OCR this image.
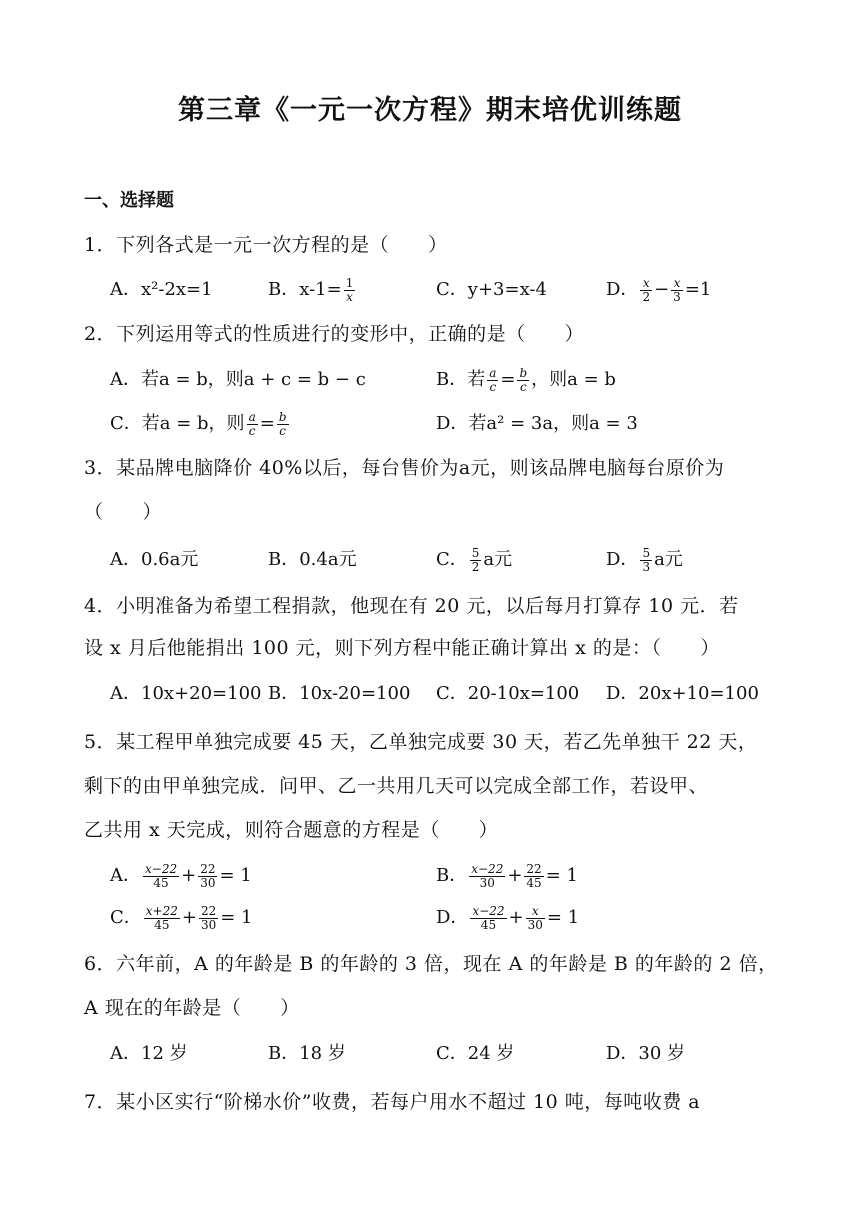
第三章《一元一次方程》期末培优训练题
一、选择题
1．下列各式是一元一次方程的是（　　）
A．x²-2x=1	B．$x-1= \frac{1}{x}$	C．y+3=x-4	D． $\frac{x}{2} - \frac{x}{3} =1$
2．下列运用等式的性质进行的变形中，正确的是（　　）
A．若a = b，则a + c = b − c	B．若 $\frac{a}{c} = \frac{b}{c}$ ，则a = b
C．若a = b，则 $\frac{a}{c} = \frac{b}{c}$	D．若a² = 3a，则a = 3
3．某品牌电脑降价 40%以后，每台售价为a元，则该品牌电脑每台原价为
（　　）
A．0.6a元	B．0.4a元	C． $\frac{5}{2}$ a元	D． $\frac{5}{3}$ a元
4．小明准备为希望工程捐款，他现在有 20 元，以后每月打算存 10 元．若
设 x 月后他能捐出 100 元，则下列方程中能正确计算出 x 的是：（　　）
A．10x+20=100 B．10x-20=100 C．20-10x=100 D．20x+10=100
5．某工程甲单独完成要 45 天，乙单独完成要 30 天，若乙先单独干 22 天，
剩下的由甲单独完成．问甲、乙一共用几天可以完成全部工作，若设甲、
乙共用 x 天完成，则符合题意的方程是（　　）
A． $\frac{x-22}{45} + \frac{22}{30} = 1$	B． $\frac{x-22}{30} + \frac{22}{45} = 1$
C． $\frac{x+22}{45} + \frac{22}{30} = 1$	D． $\frac{x-22}{45} + \frac{x}{30} = 1$
6．六年前，A 的年龄是 B 的年龄的 3 倍，现在 A 的年龄是 B 的年龄的 2 倍，
A 现在的年龄是（　　）
A．12 岁	B．18 岁	C．24 岁	D．30 岁
7．某小区实行“阶梯水价”收费，若每户用水不超过 10 吨，每吨收费 a
